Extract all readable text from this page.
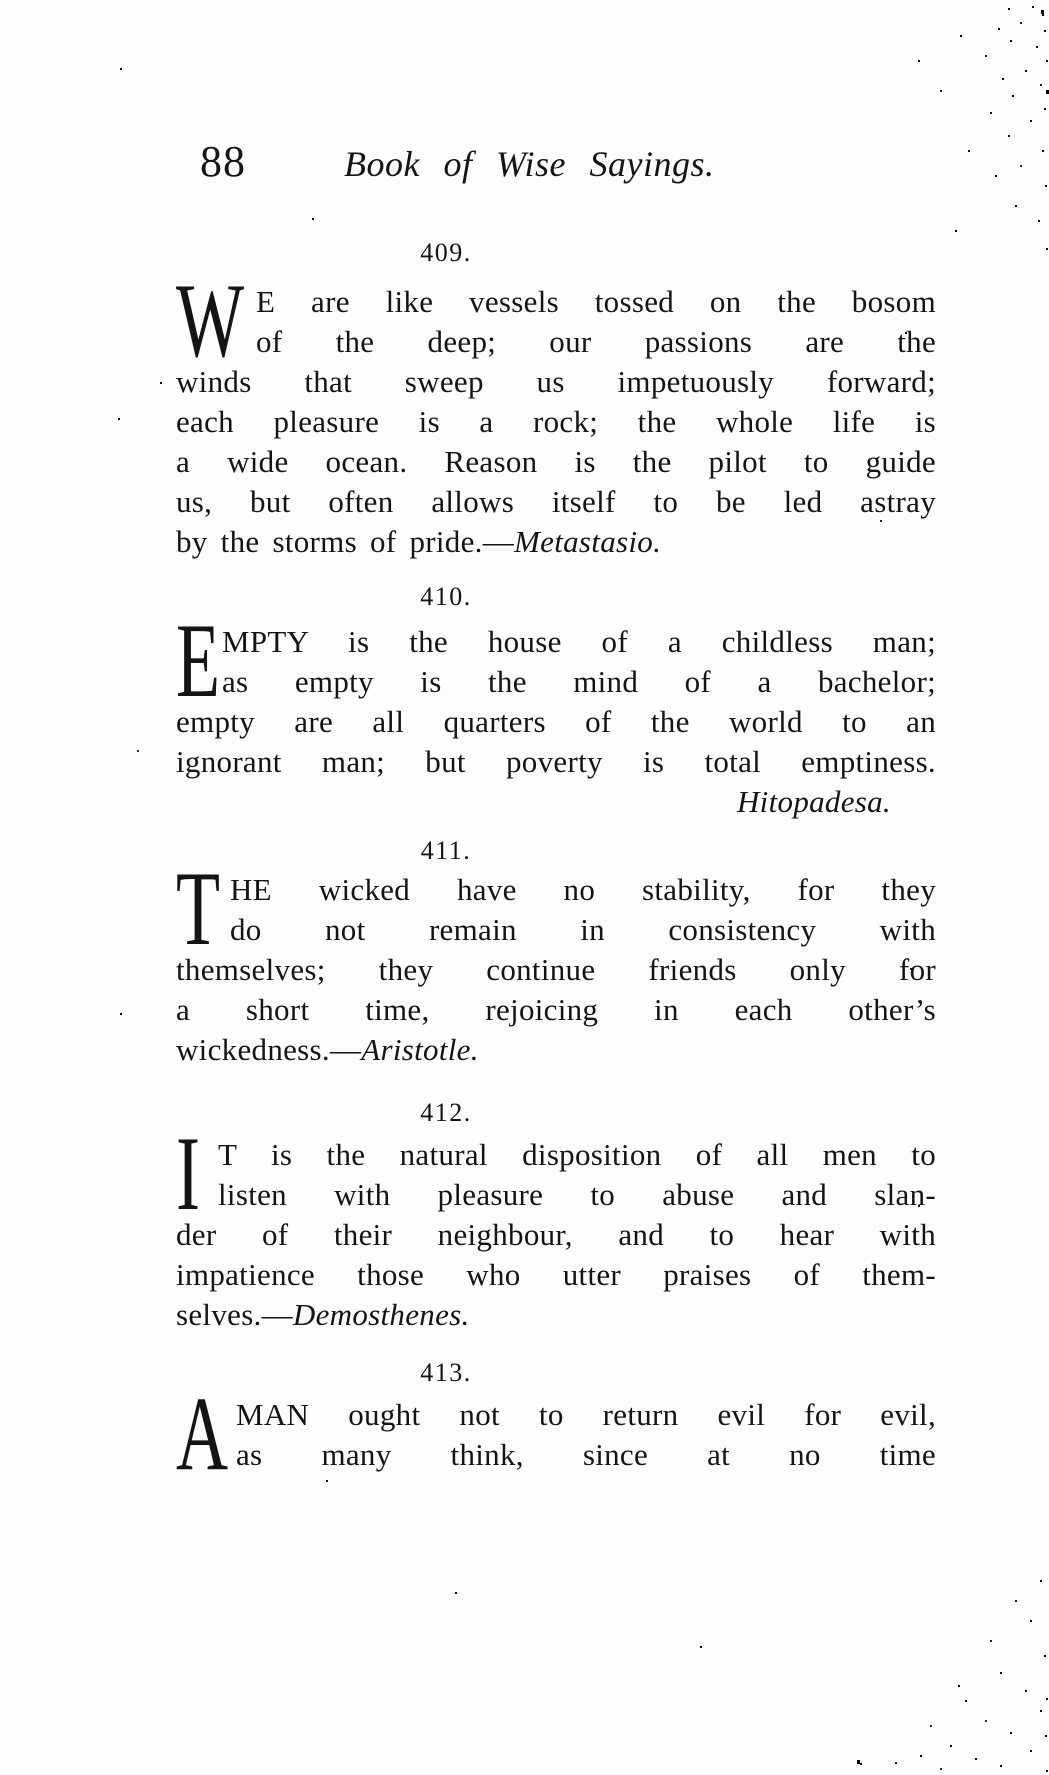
88	Book of Wise Sayings.
409.
W E are like vessels tossed on the bosom
of the deep; our passions are the
winds that sweep us impetuously forward;
each pleasure is a rock; the whole life is
a wide ocean. Reason is the pilot to guide
us, but often allows itself to be led astray
by the storms of pride.—Metastasio.
410.
E MPTY is the house of a childless man;
as empty is the mind of a bachelor;
empty are all quarters of the world to an
ignorant man; but poverty is total emptiness.
Hitopadesa.
411.
T HE wicked have no stability, for they
do not remain in consistency with
themselves; they continue friends only for
a short time, rejoicing in each other’s
wickedness.—Aristotle.
412.
I T is the natural disposition of all men to
listen with pleasure to abuse and slan-
der of their neighbour, and to hear with
impatience those who utter praises of them-
selves.—Demosthenes.
413.
A MAN ought not to return evil for evil,
as many think, since at no time
